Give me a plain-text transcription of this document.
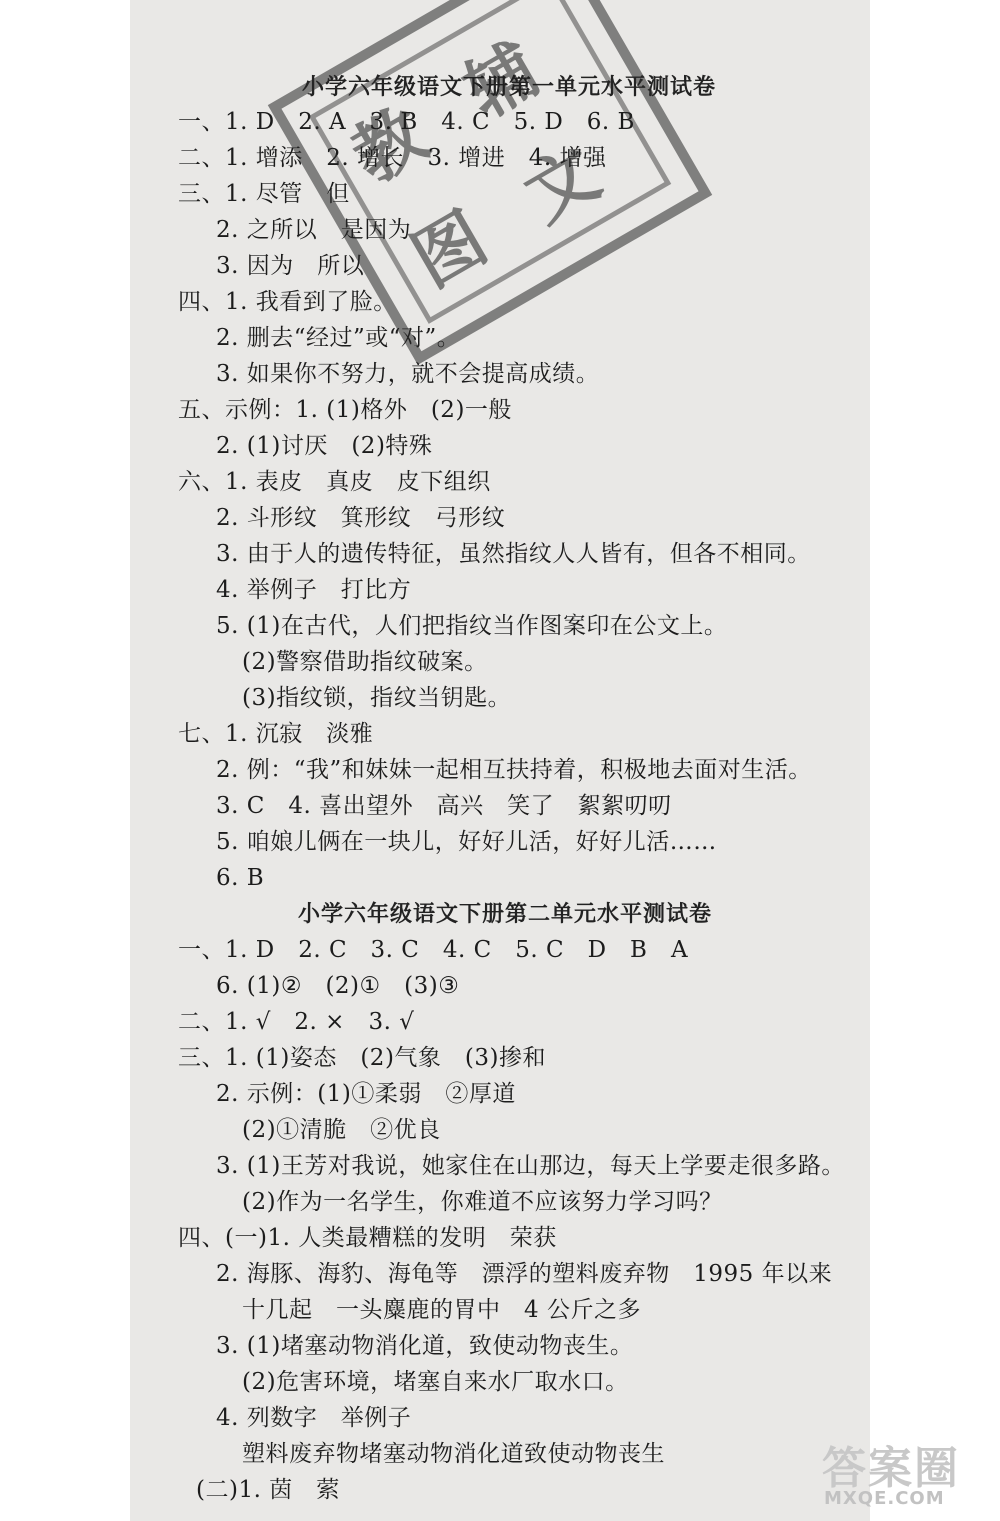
小学六年级语文下册第一单元水平测试卷
一、1. D　2. A　3. B　4. C　5. D　6. B
二、1. 增添　2. 增长　3. 增进　4. 增强
三、1. 尽管　但
2. 之所以　是因为
3. 因为　所以
四、1. 我看到了脸。
2. 删去“经过”或“对”。
3. 如果你不努力，就不会提高成绩。
五、示例：1. (1)格外　(2)一般
2. (1)讨厌　(2)特殊
六、1. 表皮　真皮　皮下组织
2. 斗形纹　箕形纹　弓形纹
3. 由于人的遗传特征，虽然指纹人人皆有，但各不相同。
4. 举例子　打比方
5. (1)在古代，人们把指纹当作图案印在公文上。
(2)警察借助指纹破案。
(3)指纹锁，指纹当钥匙。
七、1. 沉寂　淡雅
2. 例：“我”和妹妹一起相互扶持着，积极地去面对生活。
3. C　4. 喜出望外　高兴　笑了　絮絮叨叨
5. 咱娘儿俩在一块儿，好好儿活，好好儿活……
6. B
小学六年级语文下册第二单元水平测试卷
一、1. D　2. C　3. C　4. C　5. C　D　B　A
6. (1)②　(2)①　(3)③
二、1. √　2. ×　3. √
三、1. (1)姿态　(2)气象　(3)掺和
2. 示例：(1)①柔弱　②厚道
(2)①清脆　②优良
3. (1)王芳对我说，她家住在山那边，每天上学要走很多路。
(2)作为一名学生，你难道不应该努力学习吗？
四、(一)1. 人类最糟糕的发明　荣获
2. 海豚、海豹、海龟等　漂浮的塑料废弃物　1995 年以来
十几起　一头麋鹿的胃中　4 公斤之多
3. (1)堵塞动物消化道，致使动物丧生。
(2)危害环境，堵塞自来水厂取水口。
4. 列数字　举例子
塑料废弃物堵塞动物消化道致使动物丧生
(二)1. 茵　萦
教
辅
图
文
答案圈
MXQE.COM
